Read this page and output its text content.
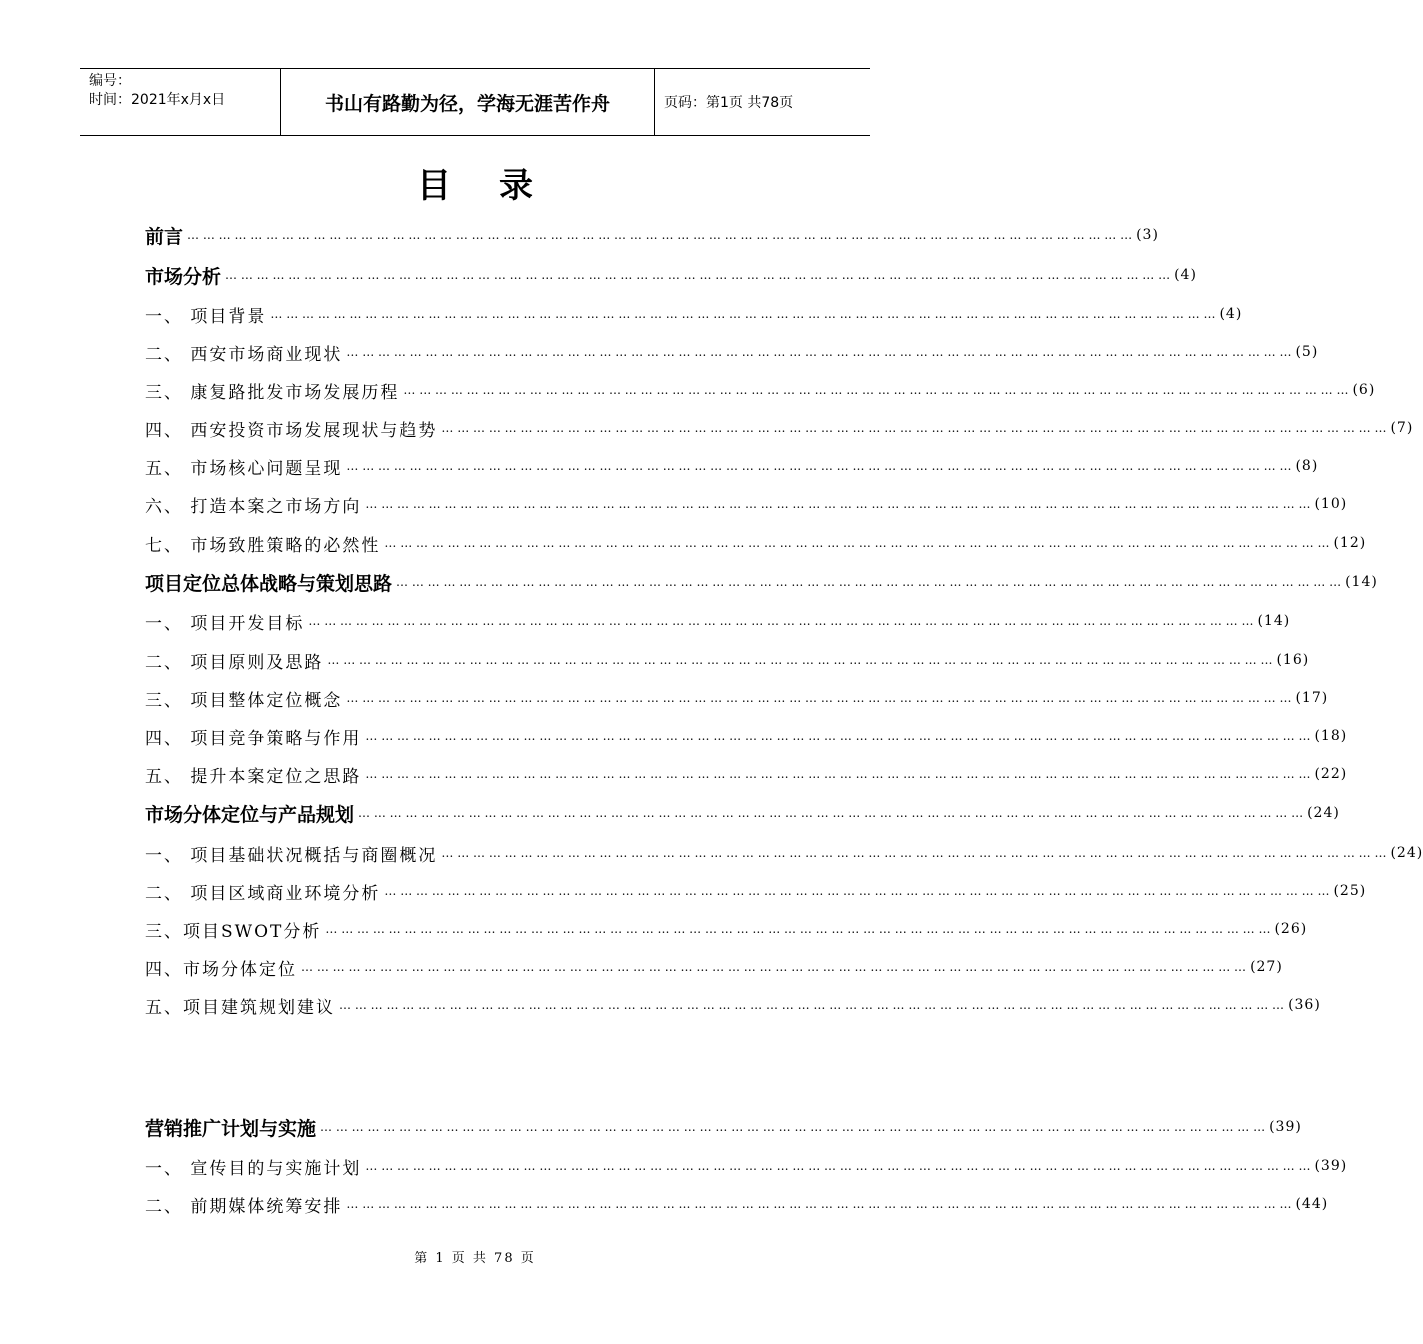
编号：
时间：2021年x月x日	书山有路勤为径，学海无涯苦作舟	页码：第1页 共78页
目录
前言 … … … … … … … … … … … … … … … … … … … … … … … … … … … … … … … … … … … … … … … … … … … … … … … … … … … … … … … … … … … … (3)
市场分析 … … … … … … … … … … … … … … … … … … … … … … … … … … … … … … … … … … … … … … … … … … … … … … … … … … … … … … … … … … … … (4)
一、 项目背景 … … … … … … … … … … … … … … … … … … … … … … … … … … … … … … … … … … … … … … … … … … … … … … … … … … … … … … … … … … … … (4)
二、 西安市场商业现状 … … … … … … … … … … … … … … … … … … … … … … … … … … … … … … … … … … … … … … … … … … … … … … … … … … … … … … … … … … … … (5)
三、 康复路批发市场发展历程 … … … … … … … … … … … … … … … … … … … … … … … … … … … … … … … … … … … … … … … … … … … … … … … … … … … … … … … … … … … … (6)
四、 西安投资市场发展现状与趋势 … … … … … … … … … … … … … … … … … … … … … … … … … … … … … … … … … … … … … … … … … … … … … … … … … … … … … … … … … … … … (7)
五、 市场核心问题呈现 … … … … … … … … … … … … … … … … … … … … … … … … … … … … … … … … … … … … … … … … … … … … … … … … … … … … … … … … … … … … (8)
六、 打造本案之市场方向 … … … … … … … … … … … … … … … … … … … … … … … … … … … … … … … … … … … … … … … … … … … … … … … … … … … … … … … … … … … … (10)
七、 市场致胜策略的必然性 … … … … … … … … … … … … … … … … … … … … … … … … … … … … … … … … … … … … … … … … … … … … … … … … … … … … … … … … … … … … (12)
项目定位总体战略与策划思路 … … … … … … … … … … … … … … … … … … … … … … … … … … … … … … … … … … … … … … … … … … … … … … … … … … … … … … … … … … … … (14)
一、 项目开发目标 … … … … … … … … … … … … … … … … … … … … … … … … … … … … … … … … … … … … … … … … … … … … … … … … … … … … … … … … … … … … (14)
二、 项目原则及思路 … … … … … … … … … … … … … … … … … … … … … … … … … … … … … … … … … … … … … … … … … … … … … … … … … … … … … … … … … … … … (16)
三、 项目整体定位概念 … … … … … … … … … … … … … … … … … … … … … … … … … … … … … … … … … … … … … … … … … … … … … … … … … … … … … … … … … … … … (17)
四、 项目竞争策略与作用 … … … … … … … … … … … … … … … … … … … … … … … … … … … … … … … … … … … … … … … … … … … … … … … … … … … … … … … … … … … … (18)
五、 提升本案定位之思路 … … … … … … … … … … … … … … … … … … … … … … … … … … … … … … … … … … … … … … … … … … … … … … … … … … … … … … … … … … … … (22)
市场分体定位与产品规划 … … … … … … … … … … … … … … … … … … … … … … … … … … … … … … … … … … … … … … … … … … … … … … … … … … … … … … … … … … … … (24)
一、 项目基础状况概括与商圈概况 … … … … … … … … … … … … … … … … … … … … … … … … … … … … … … … … … … … … … … … … … … … … … … … … … … … … … … … … … … … … (24)
二、 项目区域商业环境分析 … … … … … … … … … … … … … … … … … … … … … … … … … … … … … … … … … … … … … … … … … … … … … … … … … … … … … … … … … … … … (25)
三、项目SWOT分析 … … … … … … … … … … … … … … … … … … … … … … … … … … … … … … … … … … … … … … … … … … … … … … … … … … … … … … … … … … … … (26)
四、市场分体定位 … … … … … … … … … … … … … … … … … … … … … … … … … … … … … … … … … … … … … … … … … … … … … … … … … … … … … … … … … … … … (27)
五、项目建筑规划建议 … … … … … … … … … … … … … … … … … … … … … … … … … … … … … … … … … … … … … … … … … … … … … … … … … … … … … … … … … … … … (36)
营销推广计划与实施 … … … … … … … … … … … … … … … … … … … … … … … … … … … … … … … … … … … … … … … … … … … … … … … … … … … … … … … … … … … … (39)
一、 宣传目的与实施计划 … … … … … … … … … … … … … … … … … … … … … … … … … … … … … … … … … … … … … … … … … … … … … … … … … … … … … … … … … … … … (39)
二、 前期媒体统筹安排 … … … … … … … … … … … … … … … … … … … … … … … … … … … … … … … … … … … … … … … … … … … … … … … … … … … … … … … … … … … … (44)
第 1 页 共 78 页
